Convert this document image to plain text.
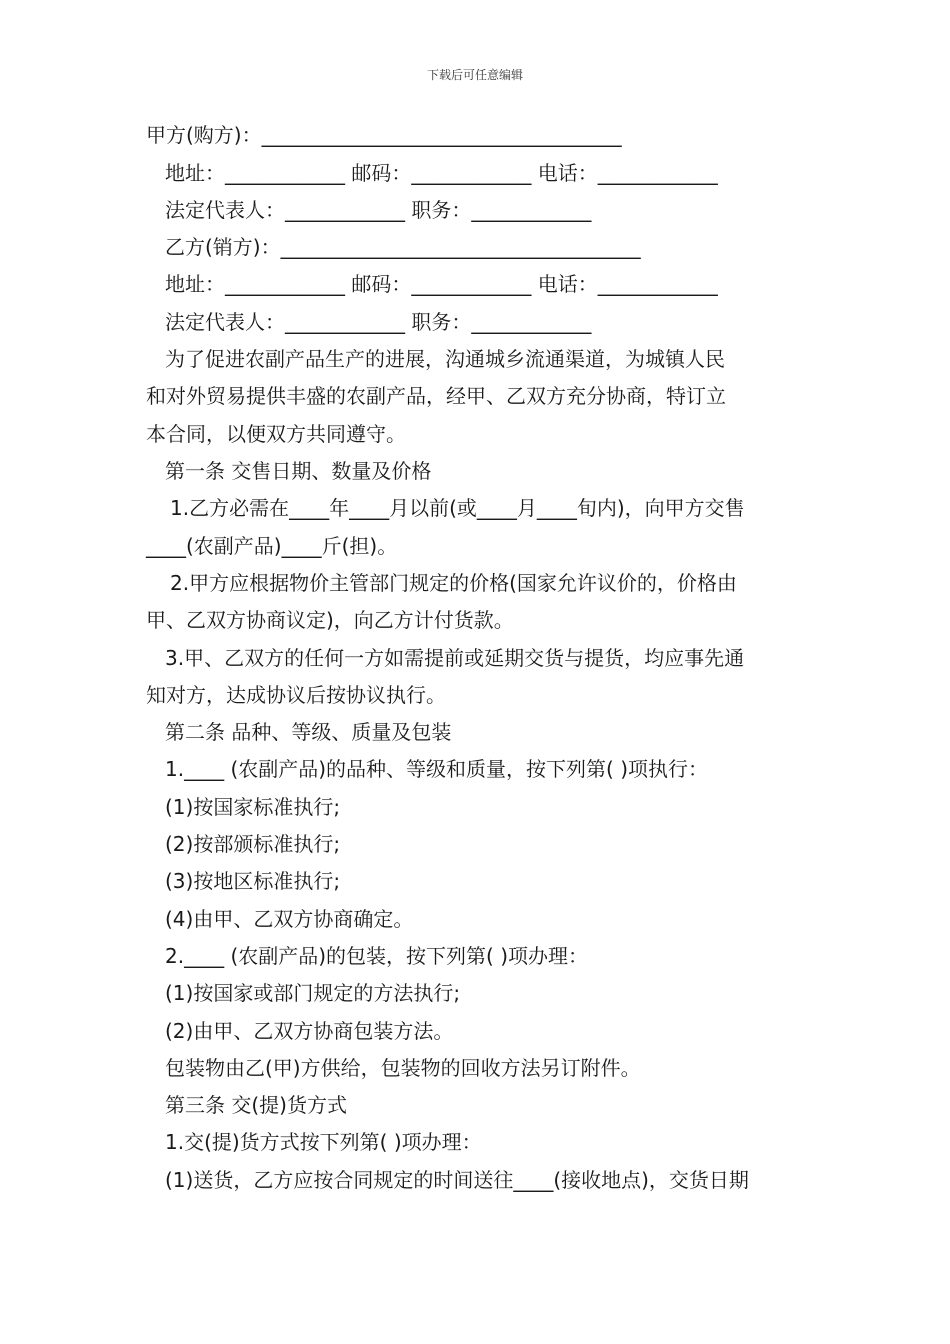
下载后可任意编辑
甲方(购方)：____________________________________
地址：____________ 邮码：____________ 电话：____________
法定代表人：____________ 职务：____________
乙方(销方)：____________________________________
地址：____________ 邮码：____________ 电话：____________
法定代表人：____________ 职务：____________
为了促进农副产品生产的进展，沟通城乡流通渠道，为城镇人民
和对外贸易提供丰盛的农副产品，经甲、乙双方充分协商，特订立
本合同，以便双方共同遵守。
第一条 交售日期、数量及价格
1.乙方必需在____年____月以前(或____月____旬内)，向甲方交售
____(农副产品)____斤(担)。
2.甲方应根据物价主管部门规定的价格(国家允许议价的，价格由
甲、乙双方协商议定)，向乙方计付货款。
3.甲、乙双方的任何一方如需提前或延期交货与提货，均应事先通
知对方，达成协议后按协议执行。
第二条 品种、等级、质量及包装
1.____ (农副产品)的品种、等级和质量，按下列第( )项执行：
(1)按国家标准执行;
(2)按部颁标准执行;
(3)按地区标准执行;
(4)由甲、乙双方协商确定。
2.____ (农副产品)的包装，按下列第( )项办理：
(1)按国家或部门规定的方法执行;
(2)由甲、乙双方协商包装方法。
包装物由乙(甲)方供给，包装物的回收方法另订附件。
第三条 交(提)货方式
1.交(提)货方式按下列第( )项办理：
(1)送货，乙方应按合同规定的时间送往____(接收地点)，交货日期
